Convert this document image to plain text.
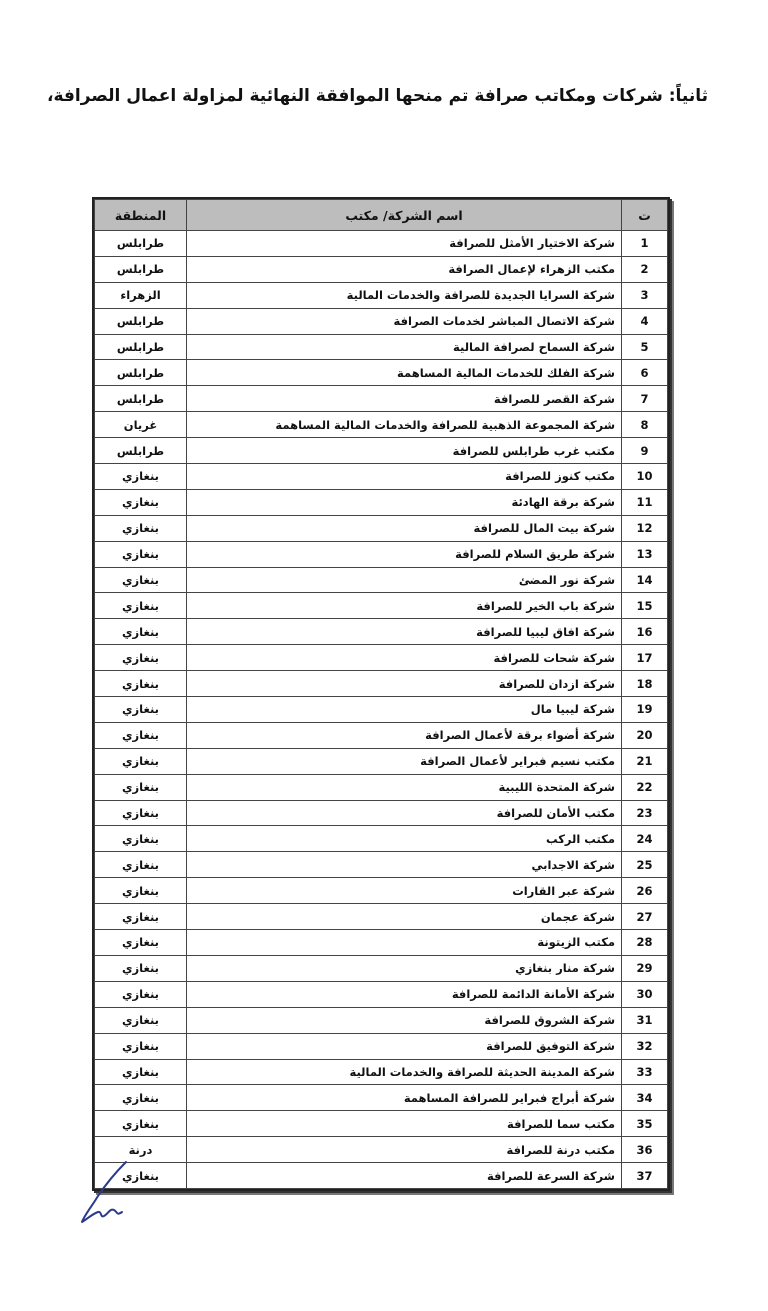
ثانياً: شركات ومكاتب صرافة تم منحها الموافقة النهائية لمزاولة اعمال الصرافة،
ت	اسم الشركة/ مكتب	المنطقة
1	شركة الاختيار الأمثل للصرافة	طرابلس
2	مكتب الزهراء لإعمال الصرافة	طرابلس
3	شركة السرايا الجديدة للصرافة والخدمات المالية	الزهراء
4	شركة الاتصال المباشر لخدمات الصرافة	طرابلس
5	شركة السماح لصرافة المالية	طرابلس
6	شركة الفلك للخدمات المالية المساهمة	طرابلس
7	شركة القصر للصرافة	طرابلس
8	شركة المجموعة الذهبية للصرافة والخدمات المالية المساهمة	غريان
9	مكتب غرب طرابلس للصرافة	طرابلس
10	مكتب كنوز للصرافة	بنغازي
11	شركة برقة الهادئة	بنغازي
12	شركة بيت المال للصرافة	بنغازي
13	شركة طريق السلام للصرافة	بنغازي
14	شركة نور المضئ	بنغازي
15	شركة باب الخير للصرافة	بنغازي
16	شركة افاق ليبيا للصرافة	بنغازي
17	شركة شحات للصرافة	بنغازي
18	شركة ازدان للصرافة	بنغازي
19	شركة ليبيا مال	بنغازي
20	شركة أضواء برقة لأعمال الصرافة	بنغازي
21	مكتب نسيم فبراير لأعمال الصرافة	بنغازي
22	شركة المتحدة الليبية	بنغازي
23	مكتب الأمان للصرافة	بنغازي
24	مكتب الركب	بنغازي
25	شركة الاجدابي	بنغازي
26	شركة عبر القارات	بنغازي
27	شركة عجمان	بنغازي
28	مكتب الزيتونة	بنغازي
29	شركة منار بنغازي	بنغازي
30	شركة الأمانة الدائمة للصرافة	بنغازي
31	شركة الشروق للصرافة	بنغازي
32	شركة التوفيق للصرافة	بنغازي
33	شركة المدينة الحديثة للصرافة والخدمات المالية	بنغازي
34	شركة أبراج فبراير للصرافة المساهمة	بنغازي
35	مكتب سما للصرافة	بنغازي
36	مكتب درنة للصرافة	درنة
37	شركة السرعة للصرافة	بنغازي
